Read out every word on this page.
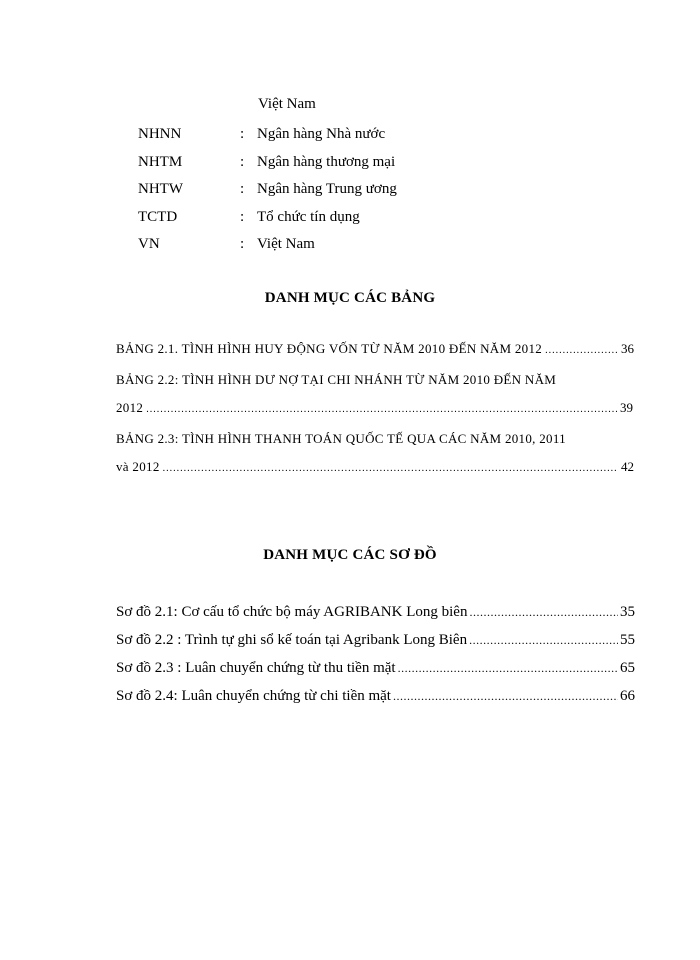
Việt Nam
NHNN	: Ngân hàng Nhà nước
NHTM	: Ngân hàng thương mại
NHTW	: Ngân hàng Trung ương
TCTD	: Tổ chức tín dụng
VN	: Việt Nam
DANH MỤC CÁC BẢNG
BẢNG 2.1. TÌNH HÌNH HUY ĐỘNG VỐN TỪ NĂM 2010 ĐẾN NĂM 2012 .....	36
BẢNG 2.2: TÌNH HÌNH DƯ NỢ TẠI CHI NHÁNH TỪ NĂM 2010 ĐẾN NĂM
2012 .....	39
BẢNG 2.3: TÌNH HÌNH THANH TOÁN QUỐC TẾ QUA CÁC NĂM 2010, 2011
và 2012 .....	42
DANH MỤC CÁC SƠ ĐỒ
Sơ đồ 2.1: Cơ cấu tổ chức bộ máy AGRIBANK Long biên .....	35
Sơ đồ 2.2 : Trình tự ghi sổ kế toán tại Agribank Long Biên .....	55
Sơ đồ 2.3 : Luân chuyển chứng từ thu tiền mặt .....	65
Sơ đồ 2.4: Luân chuyển chứng từ chi tiền mặt .....	66
